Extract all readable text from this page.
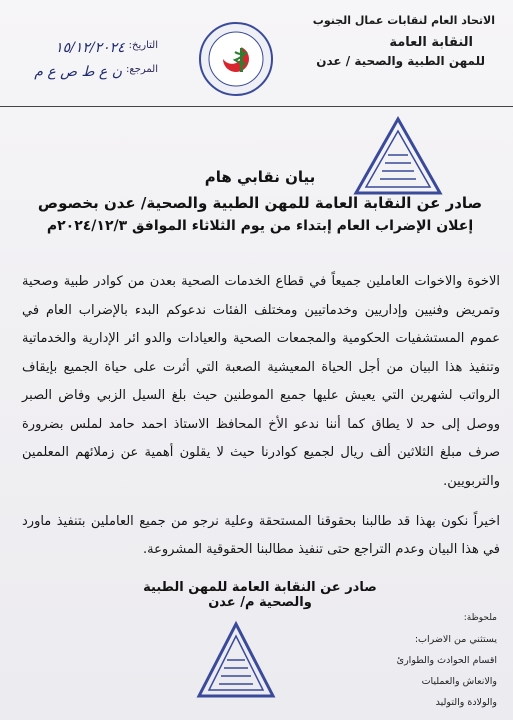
الاتحاد العام لنقابات عمال الجنوب
النقابة العامة
للمهن الطبية والصحية / عدن
التاريخ:
١٥/١٢/٢٠٢٤
المرجع:
ن ع ط ص ع م
بيان نقابي هام
صادر عن النقابة العامة للمهن الطبية والصحية/ عدن بخصوص
إعلان الإضراب العام إبتداء من يوم الثلاثاء الموافق ٢٠٢٤/١٢/٣م
الاخوة والاخوات العاملين جميعاً في قطاع الخدمات الصحية بعدن من كوادر طبية وصحية وتمريض وفنيين وإداريين وخدماتيين ومختلف الفئات ندعوكم البدء بالإضراب العام في عموم المستشفيات الحكومية والمجمعات الصحية والعيادات والدو ائر الإدارية والخدماتية وتنفيذ هذا البيان من أجل الحياة المعيشية الصعبة التي أثرت على حياة الجميع بإيقاف الرواتب لشهرين التي يعيش عليها جميع الموطنين حيث بلغ السيل الزبي وفاض الصبر ووصل إلى حد لا يطاق كما أننا ندعو الأخ المحافظ الاستاذ احمد حامد لملس بضرورة صرف مبلغ الثلاثين ألف ريال لجميع كوادرنا حيث لا يقلون أهمية عن زملائهم المعلمين والتربويين.
اخيراً نكون بهذا قد طالبنا بحقوقنا المستحقة وعلية نرجو من جميع العاملين بتنفيذ ماورد في هذا البيان وعدم التراجع حتى تنفيذ مطالبنا الحقوقية المشروعة.
صادر عن النقابة العامة للمهن الطبية والصحية م/ عدن
ملحوظة:
يستثني من الاضراب:
اقسام الحوادث والطوارئ
والانعاش والعمليات
والولادة والتوليد
